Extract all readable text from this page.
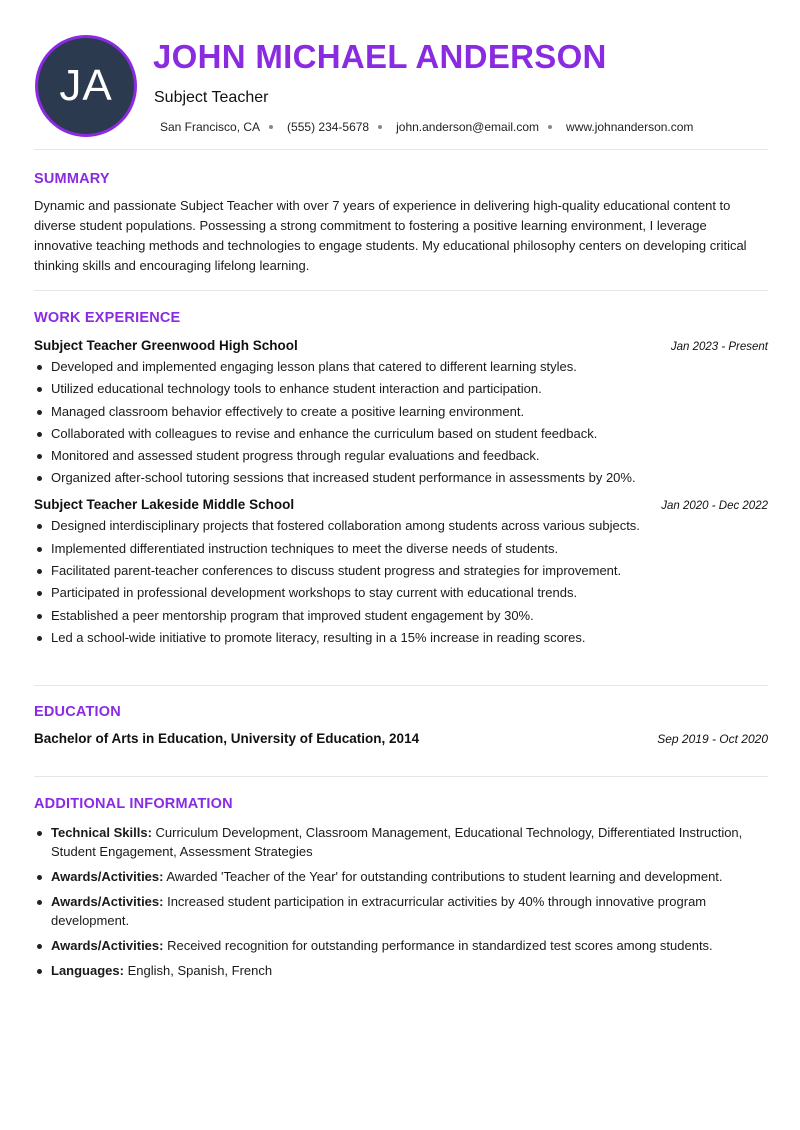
JA
JOHN MICHAEL ANDERSON
Subject Teacher
San Francisco, CA (555) 234-5678 john.anderson@email.com www.johnanderson.com
SUMMARY

Dynamic and passionate Subject Teacher with over 7 years of experience in delivering high-quality educational content to diverse student populations. Possessing a strong commitment to fostering a positive learning environment, I leverage innovative teaching methods and technologies to engage students. My educational philosophy centers on developing critical thinking skills and encouraging lifelong learning.

WORK EXPERIENCE
Subject Teacher Greenwood High School	Jan 2023 - Present
Developed and implemented engaging lesson plans that catered to different learning styles.
Utilized educational technology tools to enhance student interaction and participation.
Managed classroom behavior effectively to create a positive learning environment.
Collaborated with colleagues to revise and enhance the curriculum based on student feedback.
Monitored and assessed student progress through regular evaluations and feedback.
Organized after-school tutoring sessions that increased student performance in assessments by 20%.
Subject Teacher Lakeside Middle School	Jan 2020 - Dec 2022
Designed interdisciplinary projects that fostered collaboration among students across various subjects.
Implemented differentiated instruction techniques to meet the diverse needs of students.
Facilitated parent-teacher conferences to discuss student progress and strategies for improvement.
Participated in professional development workshops to stay current with educational trends.
Established a peer mentorship program that improved student engagement by 30%.
Led a school-wide initiative to promote literacy, resulting in a 15% increase in reading scores.
EDUCATION
Bachelor of Arts in Education, University of Education, 2014	Sep 2019 - Oct 2020
ADDITIONAL INFORMATION
Technical Skills: Curriculum Development, Classroom Management, Educational Technology, Differentiated Instruction, Student Engagement, Assessment Strategies
Awards/Activities: Awarded 'Teacher of the Year' for outstanding contributions to student learning and development.
Awards/Activities: Increased student participation in extracurricular activities by 40% through innovative program development.
Awards/Activities: Received recognition for outstanding performance in standardized test scores among students.
Languages: English, Spanish, French
